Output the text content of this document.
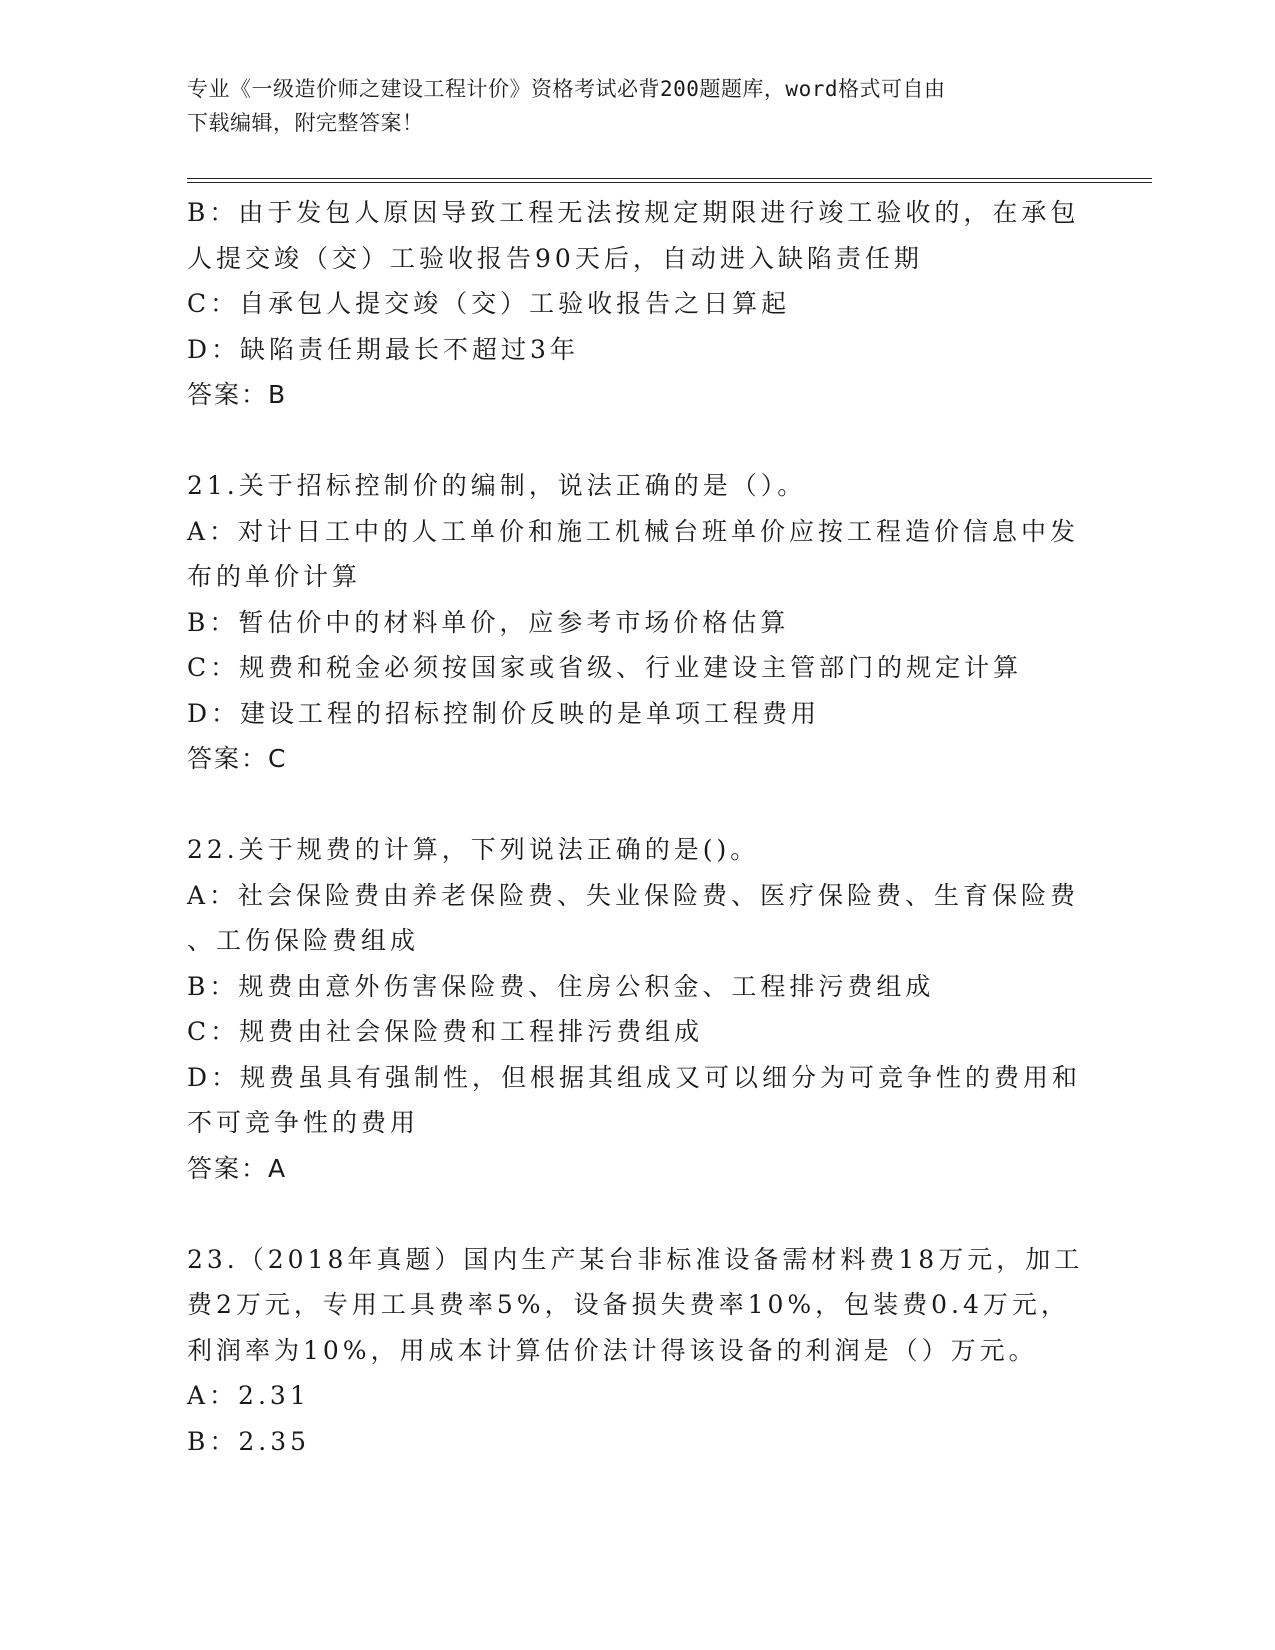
专业《一级造价师之建设工程计价》资格考试必背200题题库，word格式可自由
下载编辑，附完整答案！
B：由于发包人原因导致工程无法按规定期限进行竣工验收的，在承包
人提交竣（交）工验收报告90天后，自动进入缺陷责任期
C：自承包人提交竣（交）工验收报告之日算起
D：缺陷责任期最长不超过3年
答案：B
21.关于招标控制价的编制，说法正确的是（）。
A：对计日工中的人工单价和施工机械台班单价应按工程造价信息中发
布的单价计算
B：暂估价中的材料单价，应参考市场价格估算
C：规费和税金必须按国家或省级、行业建设主管部门的规定计算
D：建设工程的招标控制价反映的是单项工程费用
答案：C
22.关于规费的计算，下列说法正确的是()。
A：社会保险费由养老保险费、失业保险费、医疗保险费、生育保险费
、工伤保险费组成
B：规费由意外伤害保险费、住房公积金、工程排污费组成
C：规费由社会保险费和工程排污费组成
D：规费虽具有强制性，但根据其组成又可以细分为可竞争性的费用和
不可竞争性的费用
答案：A
23.（2018年真题）国内生产某台非标准设备需材料费18万元，加工
费2万元，专用工具费率5%，设备损失费率10%，包装费0.4万元，
利润率为10%，用成本计算估价法计得该设备的利润是（）万元。
A：2.31
B：2.35
